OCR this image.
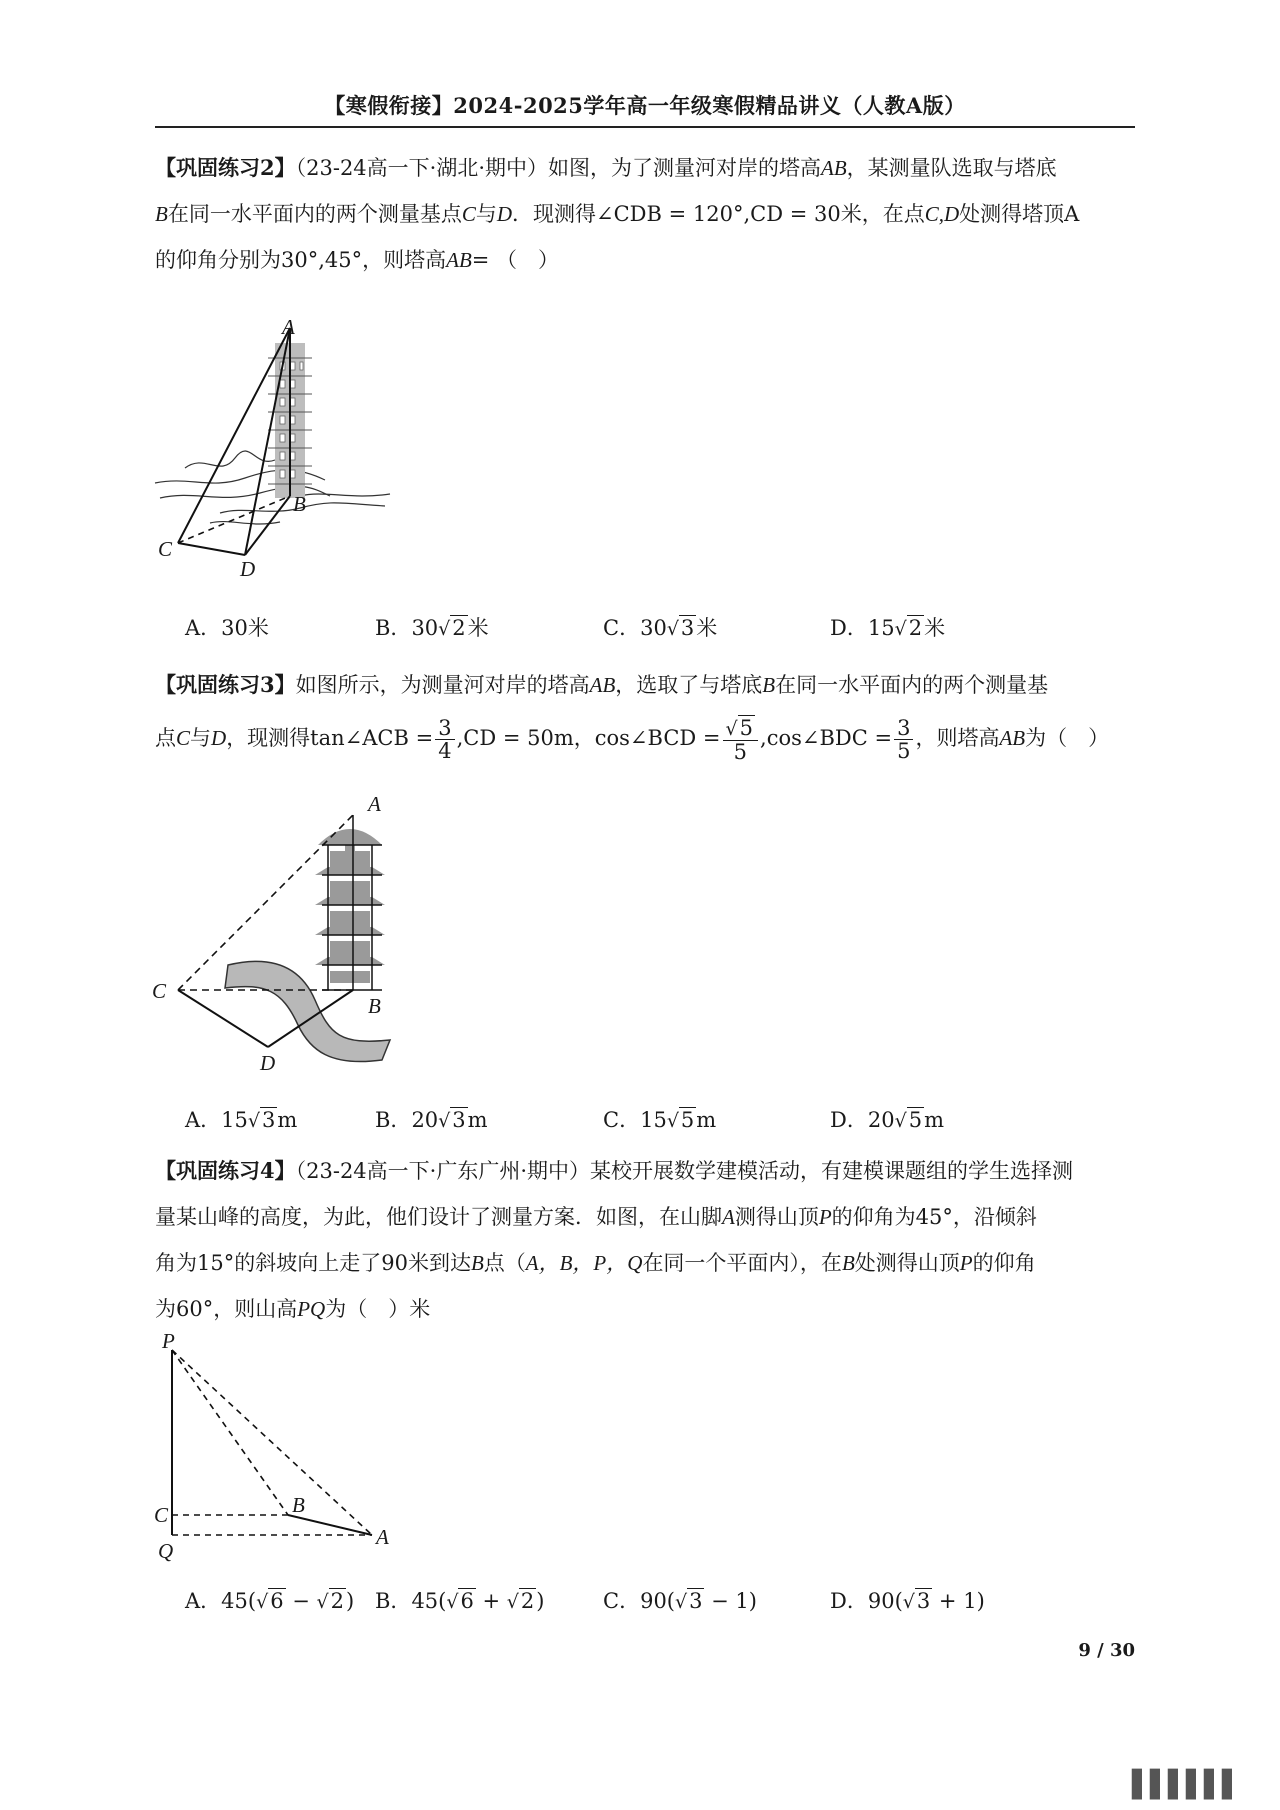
【寒假衔接】2024-2025学年高一年级寒假精品讲义（人教A版）

【巩固练习2】（23-24高一下·湖北·期中）如图，为了测量河对岸的塔高AB，某测量队选取与塔底

B在同一水平面内的两个测量基点C与D．现测得∠CDB = 120°,CD = 30米，在点C,D处测得塔顶A

的仰角分别为30°,45°，则塔高AB= （　）

A
B
C
D
A．30米	B．30√2米	C．30√3米	D．15√2米

【巩固练习3】如图所示，为测量河对岸的塔高AB，选取了与塔底B在同一水平面内的两个测量基

点C与D，现测得tan∠ACB = $\frac{3}{4} ,CD = 50m$，cos∠BCD = $\frac{√5}{5}$ ,cos∠BDC = $\frac{3}{5}$ ，则塔高AB为（　）

A
B
C
D
A．15√3m	B．20√3m	C．15√5m	D．20√5m

【巩固练习4】（23-24高一下·广东广州·期中）某校开展数学建模活动，有建模课题组的学生选择测

量某山峰的高度，为此，他们设计了测量方案．如图，在山脚A测得山顶P的仰角为45°，沿倾斜

角为15°的斜坡向上走了90米到达B点（A，B，P，Q在同一个平面内），在B处测得山顶P的仰角

为60°，则山高PQ为（　）米

P
B
C
Q
A
A．45(√6 − √2) B．45(√6 + √2)	C．90(√3 − 1)	D．90(√3 + 1)
9 / 30
▌▌▌▌▌▌
